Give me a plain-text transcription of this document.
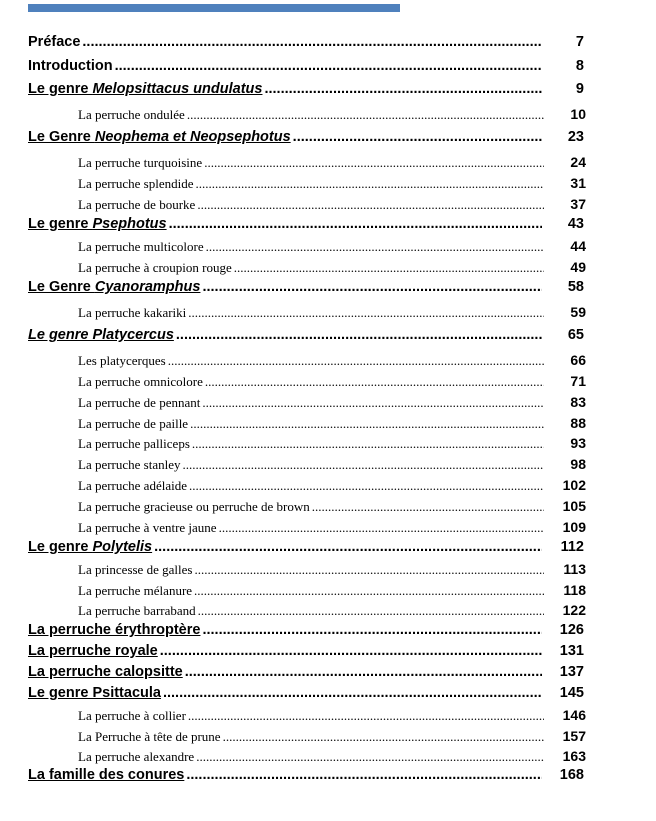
Préface .....	7
Introduction .....	8
Le genre Melopsittacus undulatus .....	9
La perruche ondulée .....	10
Le Genre Neophema et Neopsephotus .....	23
La perruche turquoisine .....	24
La perruche splendide .....	31
La perruche de bourke .....	37
Le genre Psephotus .....	43
La perruche multicolore .....	44
La perruche à croupion rouge .....	49
Le Genre Cyanoramphus .....	58
La perruche kakariki .....	59
Le genre Platycercus .....	65
Les platycerques .....	66
La perruche omnicolore .....	71
La perruche de pennant .....	83
La perruche de paille .....	88
La perruche palliceps .....	93
La perruche stanley .....	98
La perruche adélaide .....	102
La perruche gracieuse ou perruche de brown .....	105
La perruche à ventre jaune .....	109
Le genre Polytelis .....	112
La princesse de galles .....	113
La perruche mélanure .....	118
La perruche barraband .....	122
La perruche érythroptère .....	126
La perruche royale .....	131
La perruche calopsitte .....	137
Le genre Psittacula .....	145
La perruche à collier .....	146
La Perruche à tête de prune .....	157
La perruche alexandre .....	163
La famille des conures .....	168
